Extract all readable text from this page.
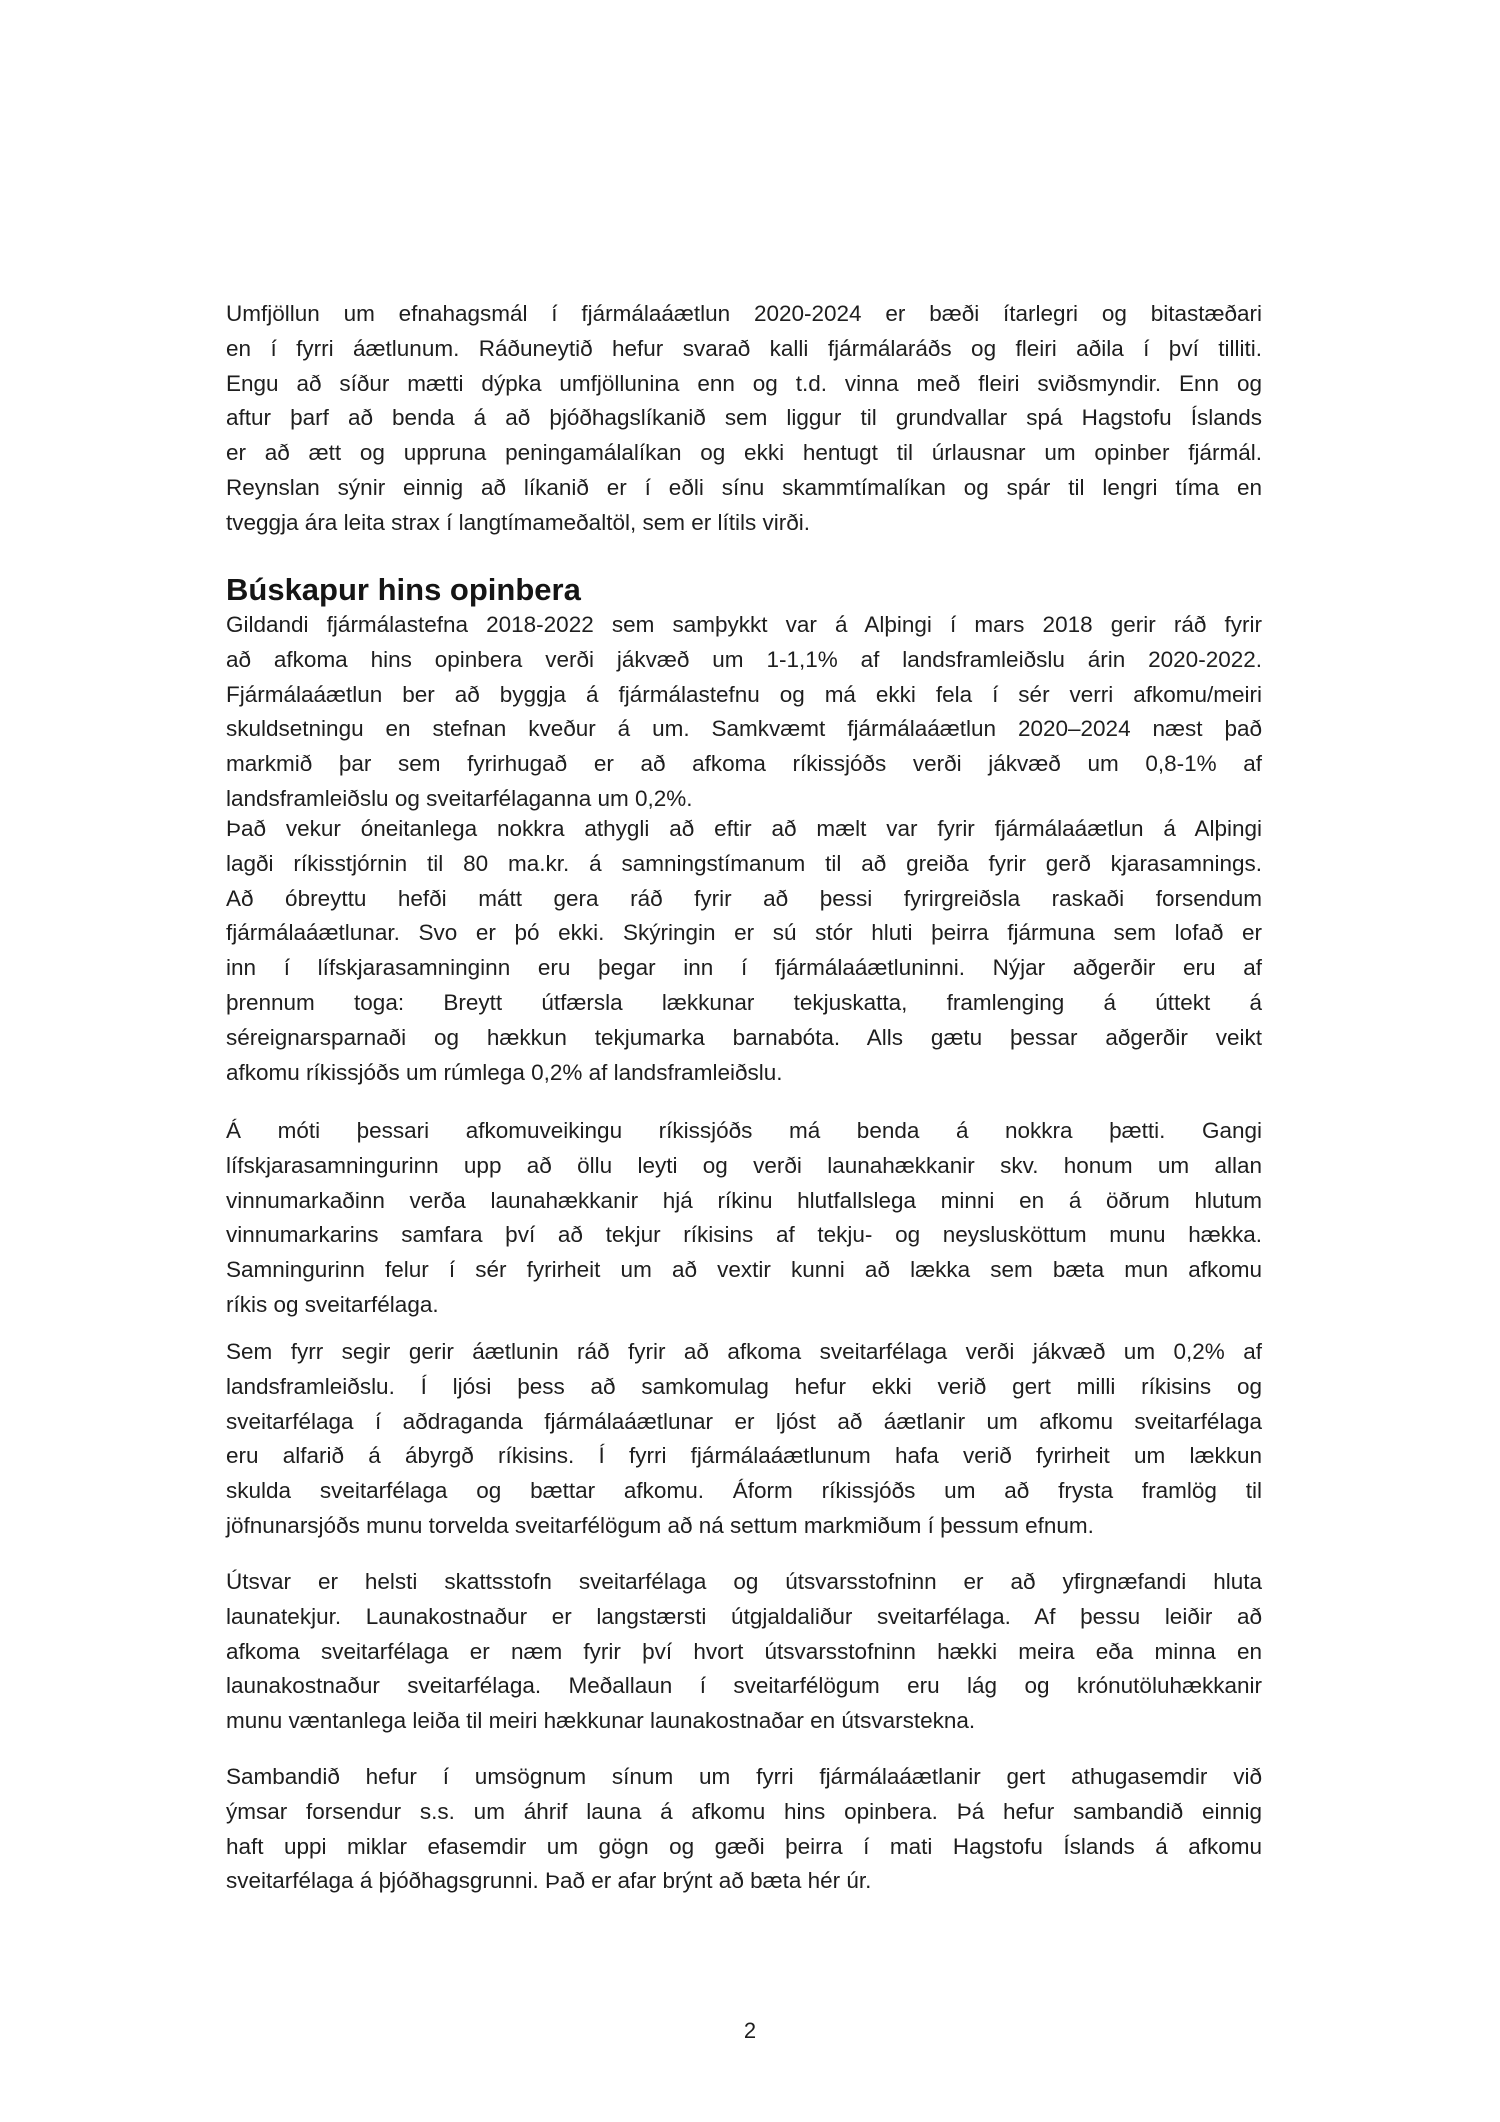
Umfjöllun um efnahagsmál í fjármálaáætlun 2020-2024 er bæði ítarlegri og bitastæðari
en í fyrri áætlunum. Ráðuneytið hefur svarað kalli fjármálaráðs og fleiri aðila í því tilliti.
Engu að síður mætti dýpka umfjöllunina enn og t.d. vinna með fleiri sviðsmyndir. Enn og
aftur þarf að benda á að þjóðhagslíkanið sem liggur til grundvallar spá Hagstofu Íslands
er að ætt og uppruna peningamálalíkan og ekki hentugt til úrlausnar um opinber fjármál.
Reynslan sýnir einnig að líkanið er í eðli sínu skammtímalíkan og spár til lengri tíma en
tveggja ára leita strax í langtímameðaltöl, sem er lítils virði.
Búskapur hins opinbera
Gildandi fjármálastefna 2018-2022 sem samþykkt var á Alþingi í mars 2018 gerir ráð fyrir
að afkoma hins opinbera verði jákvæð um 1-1,1% af landsframleiðslu árin 2020-2022.
Fjármálaáætlun ber að byggja á fjármálastefnu og má ekki fela í sér verri afkomu/meiri
skuldsetningu en stefnan kveður á um. Samkvæmt fjármálaáætlun 2020–2024 næst það
markmið þar sem fyrirhugað er að afkoma ríkissjóðs verði jákvæð um 0,8-1% af
landsframleiðslu og sveitarfélaganna um 0,2%.
Það vekur óneitanlega nokkra athygli að eftir að mælt var fyrir fjármálaáætlun á Alþingi
lagði ríkisstjórnin til 80 ma.kr. á samningstímanum til að greiða fyrir gerð kjarasamnings.
Að óbreyttu hefði mátt gera ráð fyrir að þessi fyrirgreiðsla raskaði forsendum
fjármálaáætlunar. Svo er þó ekki. Skýringin er sú stór hluti þeirra fjármuna sem lofað er
inn í lífskjarasamninginn eru þegar inn í fjármálaáætluninni. Nýjar aðgerðir eru af
þrennum toga: Breytt útfærsla lækkunar tekjuskatta, framlenging á úttekt á
séreignarsparnaði og hækkun tekjumarka barnabóta. Alls gætu þessar aðgerðir veikt
afkomu ríkissjóðs um rúmlega 0,2% af landsframleiðslu.
Á móti þessari afkomuveikingu ríkissjóðs má benda á nokkra þætti. Gangi
lífskjarasamningurinn upp að öllu leyti og verði launahækkanir skv. honum um allan
vinnumarkaðinn verða launahækkanir hjá ríkinu hlutfallslega minni en á öðrum hlutum
vinnumarkarins samfara því að tekjur ríkisins af tekju- og neyslusköttum munu hækka.
Samningurinn felur í sér fyrirheit um að vextir kunni að lækka sem bæta mun afkomu
ríkis og sveitarfélaga.
Sem fyrr segir gerir áætlunin ráð fyrir að afkoma sveitarfélaga verði jákvæð um 0,2% af
landsframleiðslu. Í ljósi þess að samkomulag hefur ekki verið gert milli ríkisins og
sveitarfélaga í aðdraganda fjármálaáætlunar er ljóst að áætlanir um afkomu sveitarfélaga
eru alfarið á ábyrgð ríkisins. Í fyrri fjármálaáætlunum hafa verið fyrirheit um lækkun
skulda sveitarfélaga og bættar afkomu. Áform ríkissjóðs um að frysta framlög til
jöfnunarsjóðs munu torvelda sveitarfélögum að ná settum markmiðum í þessum efnum.
Útsvar er helsti skattsstofn sveitarfélaga og útsvarsstofninn er að yfirgnæfandi hluta
launatekjur. Launakostnaður er langstærsti útgjaldaliður sveitarfélaga. Af þessu leiðir að
afkoma sveitarfélaga er næm fyrir því hvort útsvarsstofninn hækki meira eða minna en
launakostnaður sveitarfélaga. Meðallaun í sveitarfélögum eru lág og krónutöluhækkanir
munu væntanlega leiða til meiri hækkunar launakostnaðar en útsvarstekna.
Sambandið hefur í umsögnum sínum um fyrri fjármálaáætlanir gert athugasemdir við
ýmsar forsendur s.s. um áhrif launa á afkomu hins opinbera. Þá hefur sambandið einnig
haft uppi miklar efasemdir um gögn og gæði þeirra í mati Hagstofu Íslands á afkomu
sveitarfélaga á þjóðhagsgrunni. Það er afar brýnt að bæta hér úr.
2
